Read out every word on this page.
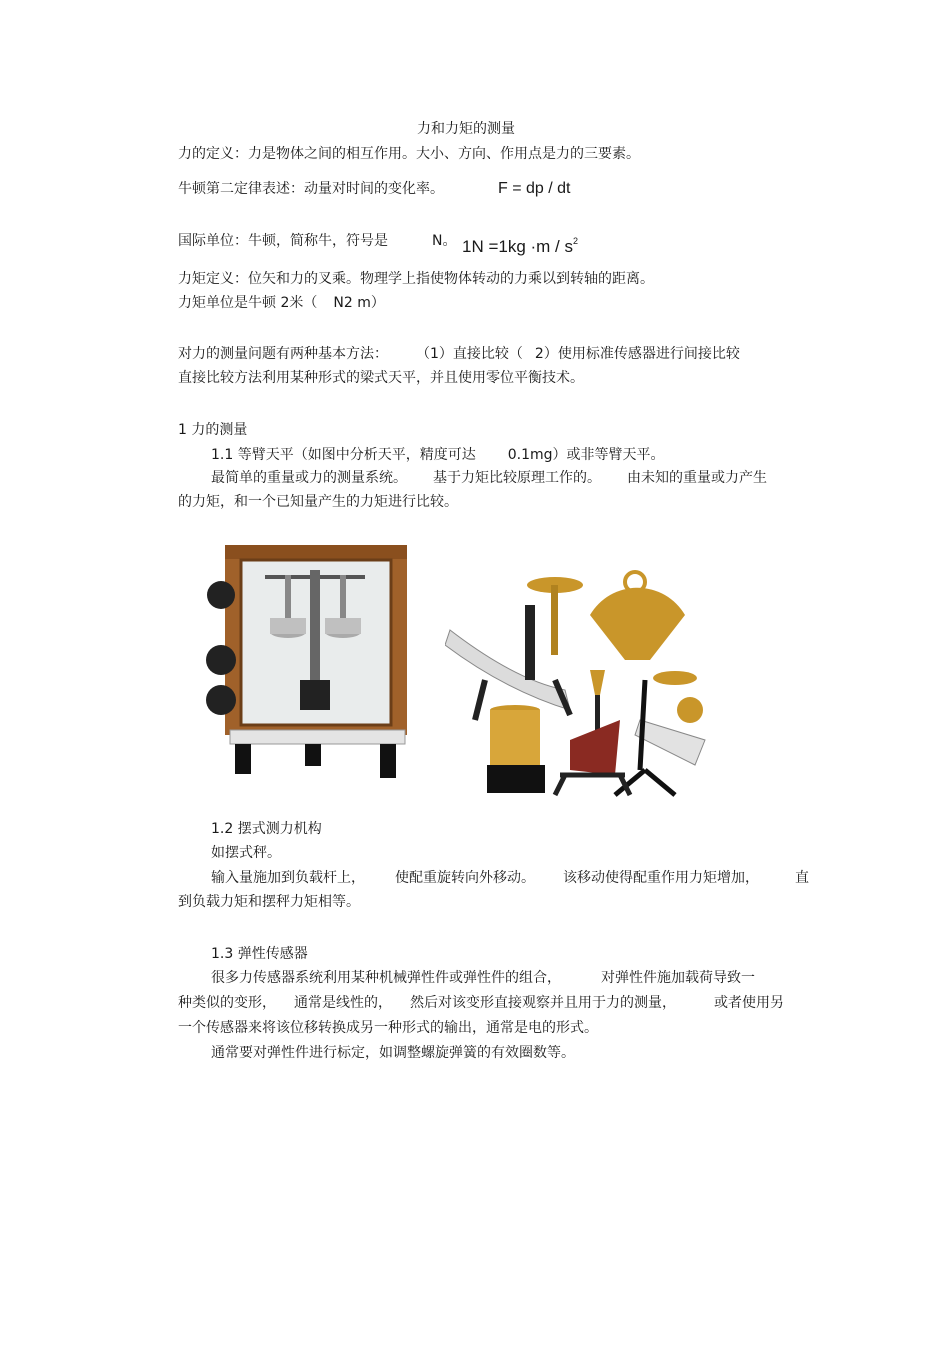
力和力矩的测量
力的定义：力是物体之间的相互作用。大小、方向、作用点是力的三要素。
牛顿第二定律表述：动量对时间的变化率。	F = dp / dt
国际单位：牛顿，简称牛，符号是	N。 $1N =1kg \cdot m / s^2$
力矩定义：位矢和力的叉乘。物理学上指使物体转动的力乘以到转轴的距离。
力矩单位是牛顿 2米（ N2 m）
对力的测量问题有两种基本方法： （1）直接比较（ 2）使用标准传感器进行间接比较
直接比较方法利用某种形式的梁式天平，并且使用零位平衡技术。
1 力的测量
1.1 等臂天平（如图中分析天平，精度可达 0.1mg）或非等臂天平。
最简单的重量或力的测量系统。 基于力矩比较原理工作的。 由未知的重量或力产生
的力矩，和一个已知量产生的力矩进行比较。
1.2 摆式测力机构
如摆式秤。
输入量施加到负载杆上， 使配重旋转向外移动。 该移动使得配重作用力矩增加，	直
到负载力矩和摆秤力矩相等。
1.3 弹性传感器
很多力传感器系统利用某种机械弹性件或弹性件的组合，	对弹性件施加载荷导致一
种类似的变形， 通常是线性的， 然后对该变形直接观察并且用于力的测量，	或者使用另
一个传感器来将该位移转换成另一种形式的输出，通常是电的形式。
通常要对弹性件进行标定，如调整螺旋弹簧的有效圈数等。
